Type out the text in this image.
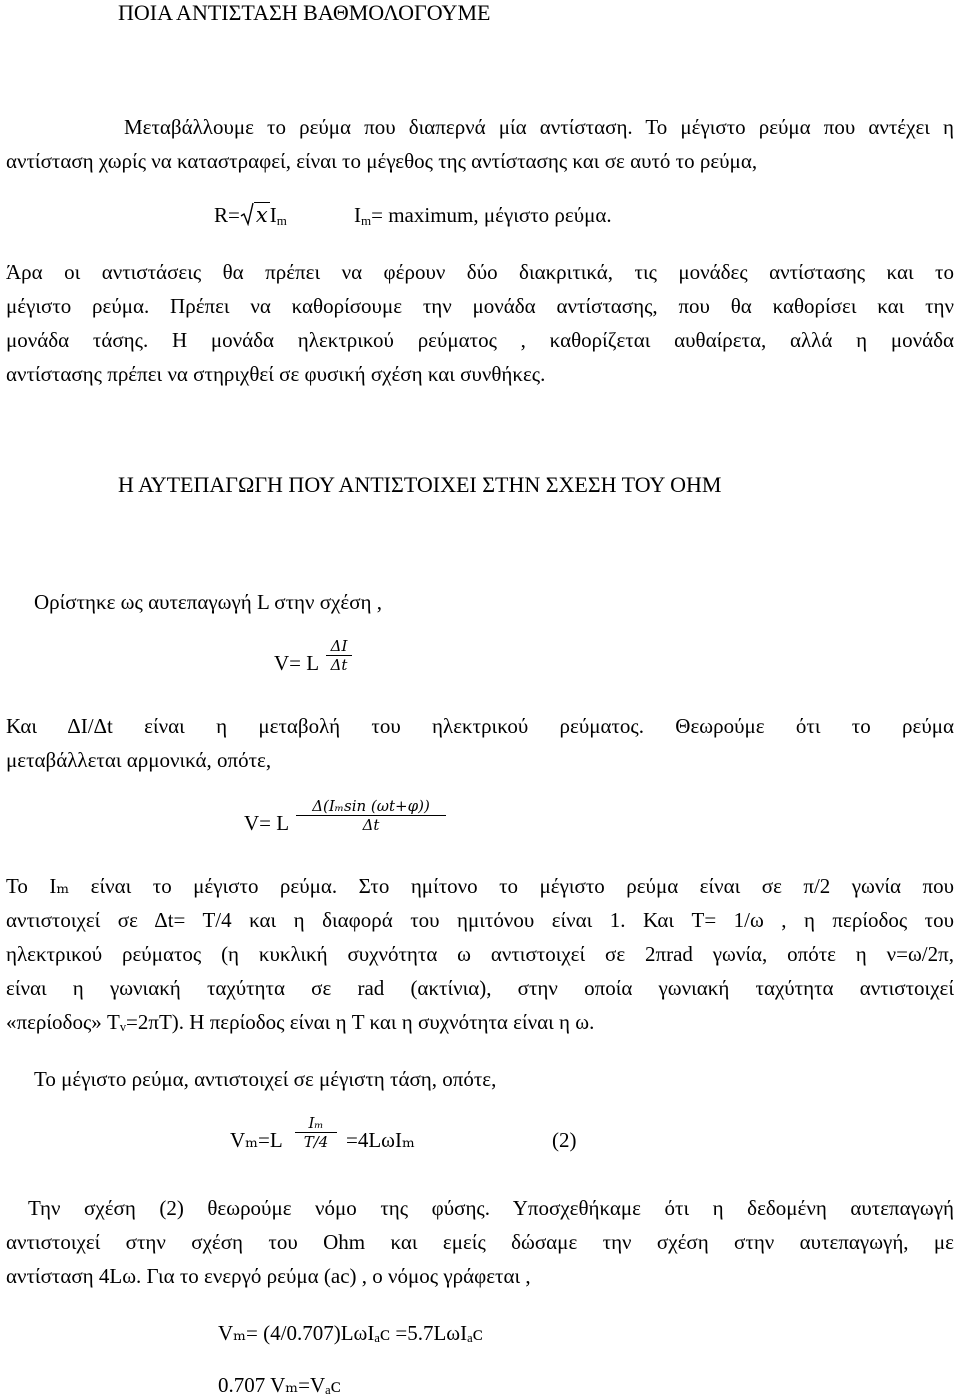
ΠΟΙΑ ΑΝΤΙΣΤΑΣΗ ΒΑΘΜΟΛΟΓΟΥΜΕ
Μεταβάλλουμε το ρεύμα που διαπερνά μία αντίσταση. Το μέγιστο ρεύμα που αντέχει η
αντίσταση χωρίς να καταστραφεί, είναι το μέγεθος της αντίστασης και σε αυτό το ρεύμα,
$R= xI_m$	$I_m=$ maximum, μέγιστο ρεύμα.
Άρα οι αντιστάσεις θα πρέπει να φέρουν δύο διακριτικά, τις μονάδες αντίστασης και το
μέγιστο ρεύμα. Πρέπει να καθορίσουμε την μονάδα αντίστασης, που θα καθορίσει και την
μονάδα τάσης. Η μονάδα ηλεκτρικού ρεύματος , καθορίζεται αυθαίρετα, αλλά η μονάδα
αντίστασης πρέπει να στηριχθεί σε φυσική σχέση και συνθήκες.
Η ΑΥΤΕΠΑΓΩΓΗ ΠΟΥ ΑΝΤΙΣΤΟΙΧΕΙ ΣΤΗΝ ΣΧΕΣΗ ΤΟΥ ΟΗΜ
Ορίστηκε ως αυτεπαγωγή L στην σχέση ,
V= L
ΔI
Δt
Και ΔΙ/Δt είναι η μεταβολή του ηλεκτρικού ρεύματος. Θεωρούμε ότι το ρεύμα
μεταβάλλεται αρμονικά, οπότε,
V= L
Δ(Iₘsin (ωt+φ))
Δt
Το Iₘ είναι το μέγιστο ρεύμα. Στο ημίτονο το μέγιστο ρεύμα είναι σε π/2 γωνία που
αντιστοιχεί σε Δt= T/4 και η διαφορά του ημιτόνου είναι 1. Και T= 1/ω , η περίοδος του
ηλεκτρικού ρεύματος (η κυκλική συχνότητα ω αντιστοιχεί σε 2πrad γωνία, οπότε η ν=ω/2π,
είναι η γωνιακή ταχύτητα σε rad (ακτίνια), στην οποία γωνιακή ταχύτητα αντιστοιχεί
«περίοδος» Tᵥ=2πT). Η περίοδος είναι η T και η συχνότητα είναι η ω.
Το μέγιστο ρεύμα, αντιστοιχεί σε μέγιστη τάση, οπότε,
Vₘ=L
Iₘ
T/4 =4LωIₘ	(2)
Την σχέση (2) θεωρούμε νόμο της φύσης. Υποσχεθήκαμε ότι η δεδομένη αυτεπαγωγή
αντιστοιχεί στην σχέση του Ohm και εμείς δώσαμε την σχέση στην αυτεπαγωγή, με
αντίσταση 4Lω. Για το ενεργό ρεύμα (ac) , ο νόμος γράφεται ,
Vₘ= (4/0.707)LωIₐᴄ =5.7LωIₐᴄ
0.707 Vₘ=Vₐᴄ
